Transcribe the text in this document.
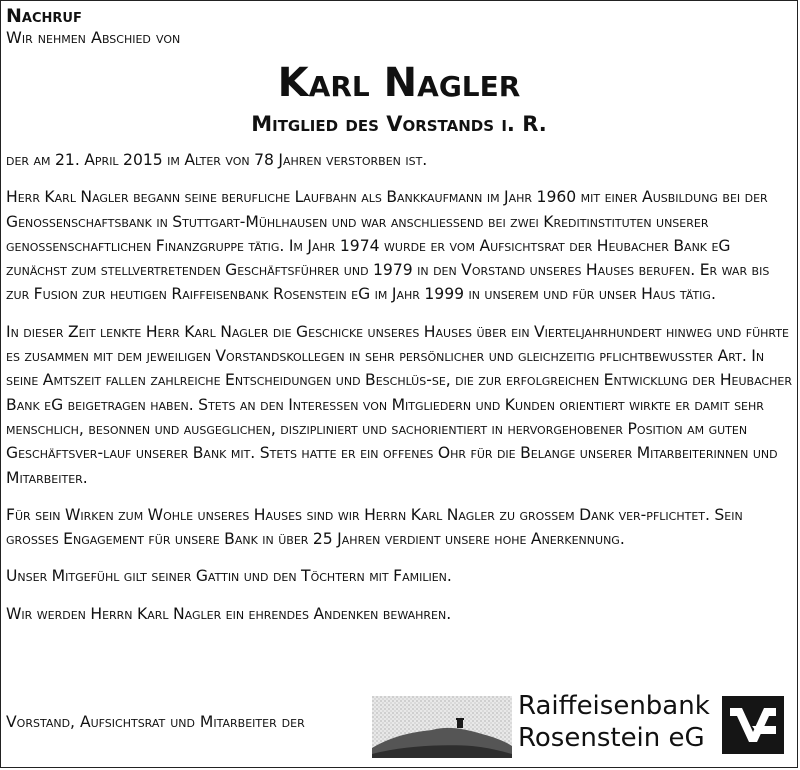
Nachruf
Wir nehmen Abschied von
Karl Nagler
Mitglied des Vorstands i. R.

der am 21. April 2015 im Alter von 78 Jahren verstorben ist.

Herr Karl Nagler begann seine berufliche Laufbahn als Bankkaufmann im Jahr 1960 mit einer Ausbildung bei der Genossenschaftsbank in Stuttgart-Mühlhausen und war anschliessend bei zwei Kreditinstituten unserer genossenschaftlichen Finanzgruppe tätig. Im Jahr 1974 wurde er vom Aufsichtsrat der Heubacher Bank eG zunächst zum stellvertretenden Geschäftsführer und 1979 in den Vorstand unseres Hauses berufen. Er war bis zur Fusion zur heutigen Raiffeisenbank Rosenstein eG im Jahr 1999 in unserem und für unser Haus tätig.

In dieser Zeit lenkte Herr Karl Nagler die Geschicke unseres Hauses über ein Vierteljahrhundert hinweg und führte es zusammen mit dem jeweiligen Vorstandskollegen in sehr persönlicher und gleichzeitig pflichtbewusster Art. In seine Amtszeit fallen zahlreiche Entscheidungen und Beschlüs-se, die zur erfolgreichen Entwicklung der Heubacher Bank eG beigetragen haben. Stets an den Interessen von Mitgliedern und Kunden orientiert wirkte er damit sehr menschlich, besonnen und ausgeglichen, diszipliniert und sachorientiert in hervorgehobener Position am guten Geschäftsver-lauf unserer Bank mit. Stets hatte er ein offenes Ohr für die Belange unserer Mitarbeiterinnen und Mitarbeiter.

Für sein Wirken zum Wohle unseres Hauses sind wir Herrn Karl Nagler zu grossem Dank ver-pflichtet. Sein grosses Engagement für unsere Bank in über 25 Jahren verdient unsere hohe Anerkennung.

Unser Mitgefühl gilt seiner Gattin und den Töchtern mit Familien.

Wir werden Herrn Karl Nagler ein ehrendes Andenken bewahren.

Vorstand, Aufsichtsrat und Mitarbeiter der
Raiffeisenbank
Rosenstein eG
